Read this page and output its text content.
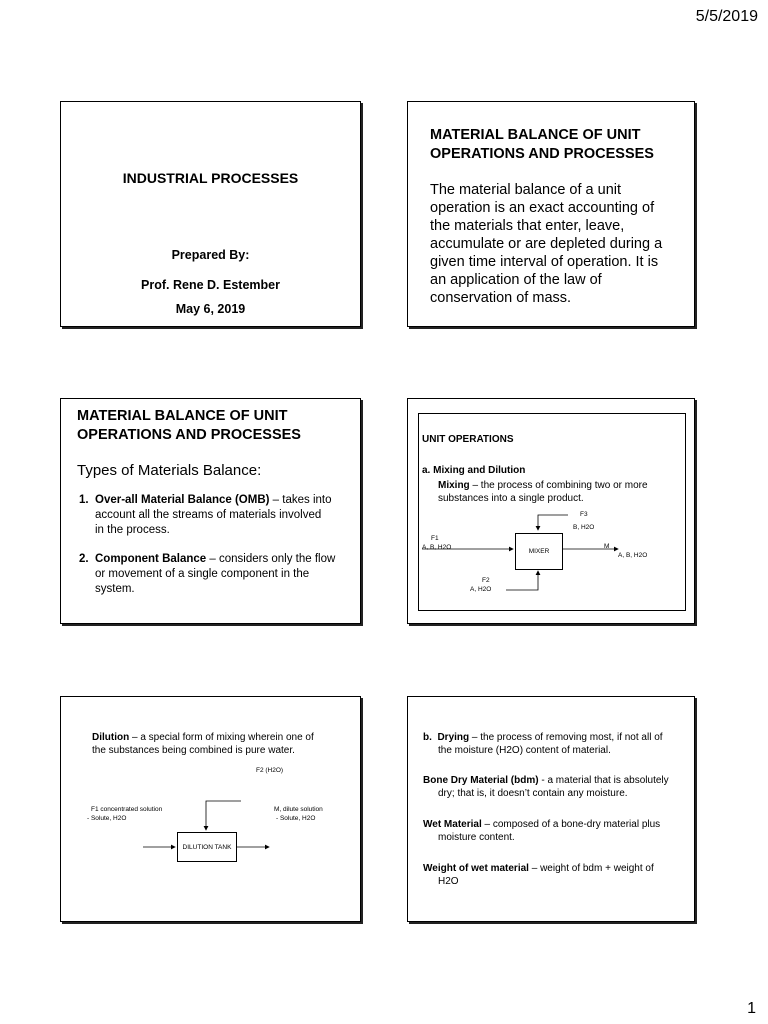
5/5/2019
INDUSTRIAL PROCESSES
Prepared By:
Prof. Rene D. Estember
May 6, 2019
MATERIAL BALANCE OF UNIT
OPERATIONS AND PROCESSES
The material balance of a unit
operation is an exact accounting of
the materials that enter, leave,
accumulate or are depleted during a
given time interval of operation. It is
an application of the law of
conservation of mass.
MATERIAL BALANCE OF UNIT
OPERATIONS AND PROCESSES
Types of Materials Balance:
1. Over-all Material Balance (OMB) – takes into
account all the streams of materials involved
in the process.
2. Component Balance – considers only the flow
or movement of a single component in the
system.
UNIT OPERATIONS
a. Mixing and Dilution
Mixing – the process of combining two or more
substances into a single product.
MIXER
F3
B, H2O
F1
A, B, H2O	M
A, B, H2O
F2
A, H2O
Dilution – a special form of mixing wherein one of
the substances being combined is pure water.
DILUTION TANK
F2 (H2O)
F1 concentrated solution
- Solute, H2O
M, dilute solution
- Solute, H2O
b. Drying – the process of removing most, if not all of
the moisture (H2O) content of material.
Bone Dry Material (bdm) - a material that is absolutely
dry; that is, it doesn’t contain any moisture.
Wet Material – composed of a bone-dry material plus
moisture content.
Weight of wet material – weight of bdm + weight of
H2O
1
